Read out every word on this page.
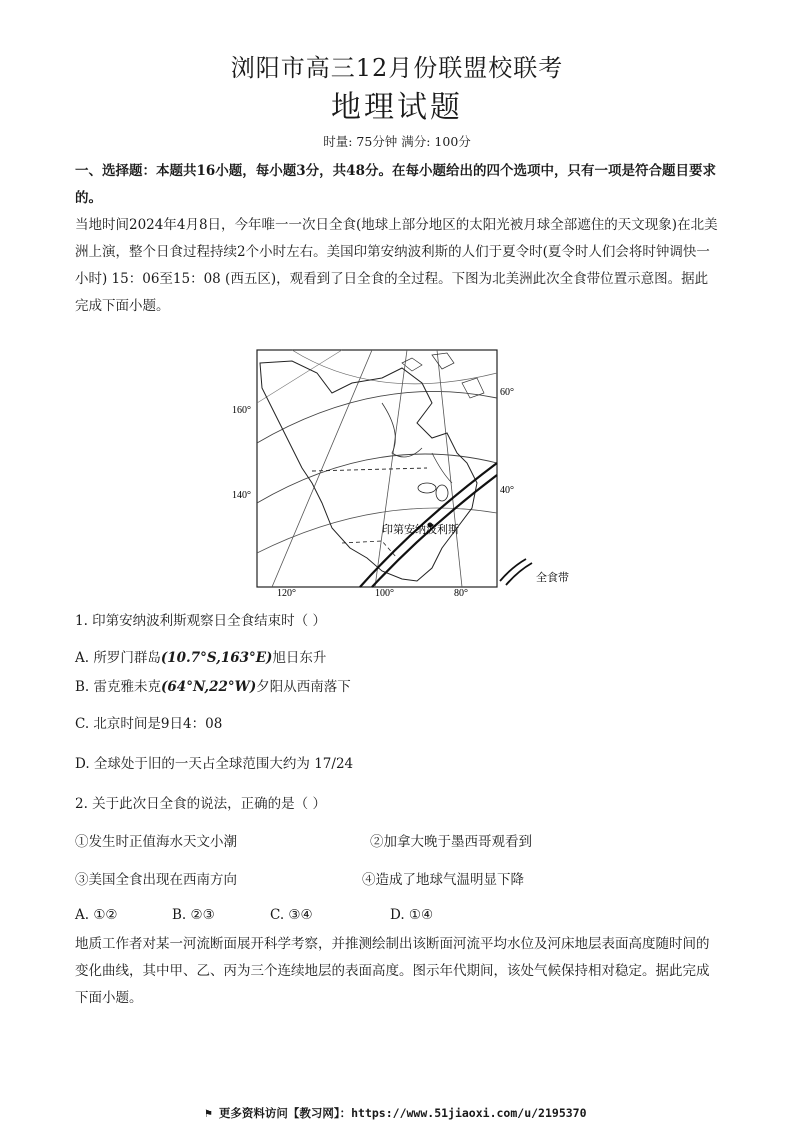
浏阳市高三12月份联盟校联考
地理试题
时量: 75分钟 满分: 100分
一、选择题：本题共16小题，每小题3分，共48分。在每小题给出的四个选项中，只有一项是符合题目要求的。
当地时间2024年4月8日，今年唯一一次日全食(地球上部分地区的太阳光被月球全部遮住的天文现象)在北美洲上演，整个日食过程持续2个小时左右。美国印第安纳波利斯的人们于夏令时(夏令时人们会将时钟调快一小时) 15：06至15：08 (西五区)，观看到了日全食的全过程。下图为北美洲此次全食带位置示意图。据此完成下面小题。
60°
160°
40°
140°
120°	100°	80°
印第安纳波利斯
全食带
1. 印第安纳波利斯观察日全食结束时（ ）
A. 所罗门群岛(10.7°S,163°E)旭日东升
B. 雷克雅未克(64°N,22°W)夕阳从西南落下
C. 北京时间是9日4：08
D. 全球处于旧的一天占全球范围大约为 17/24
2. 关于此次日全食的说法，正确的是（ ）
①发生时正值海水天文小潮	②加拿大晚于墨西哥观看到
③美国全食出现在西南方向	④造成了地球气温明显下降
A. ①②	B. ②③	C. ③④	D. ①④
地质工作者对某一河流断面展开科学考察，并推测绘制出该断面河流平均水位及河床地层表面高度随时间的变化曲线，其中甲、乙、丙为三个连续地层的表面高度。图示年代期间，该处气候保持相对稳定。据此完成下面小题。
⚑ 更多资料访问【教习网】：https://www.51jiaoxi.com/u/2195370
